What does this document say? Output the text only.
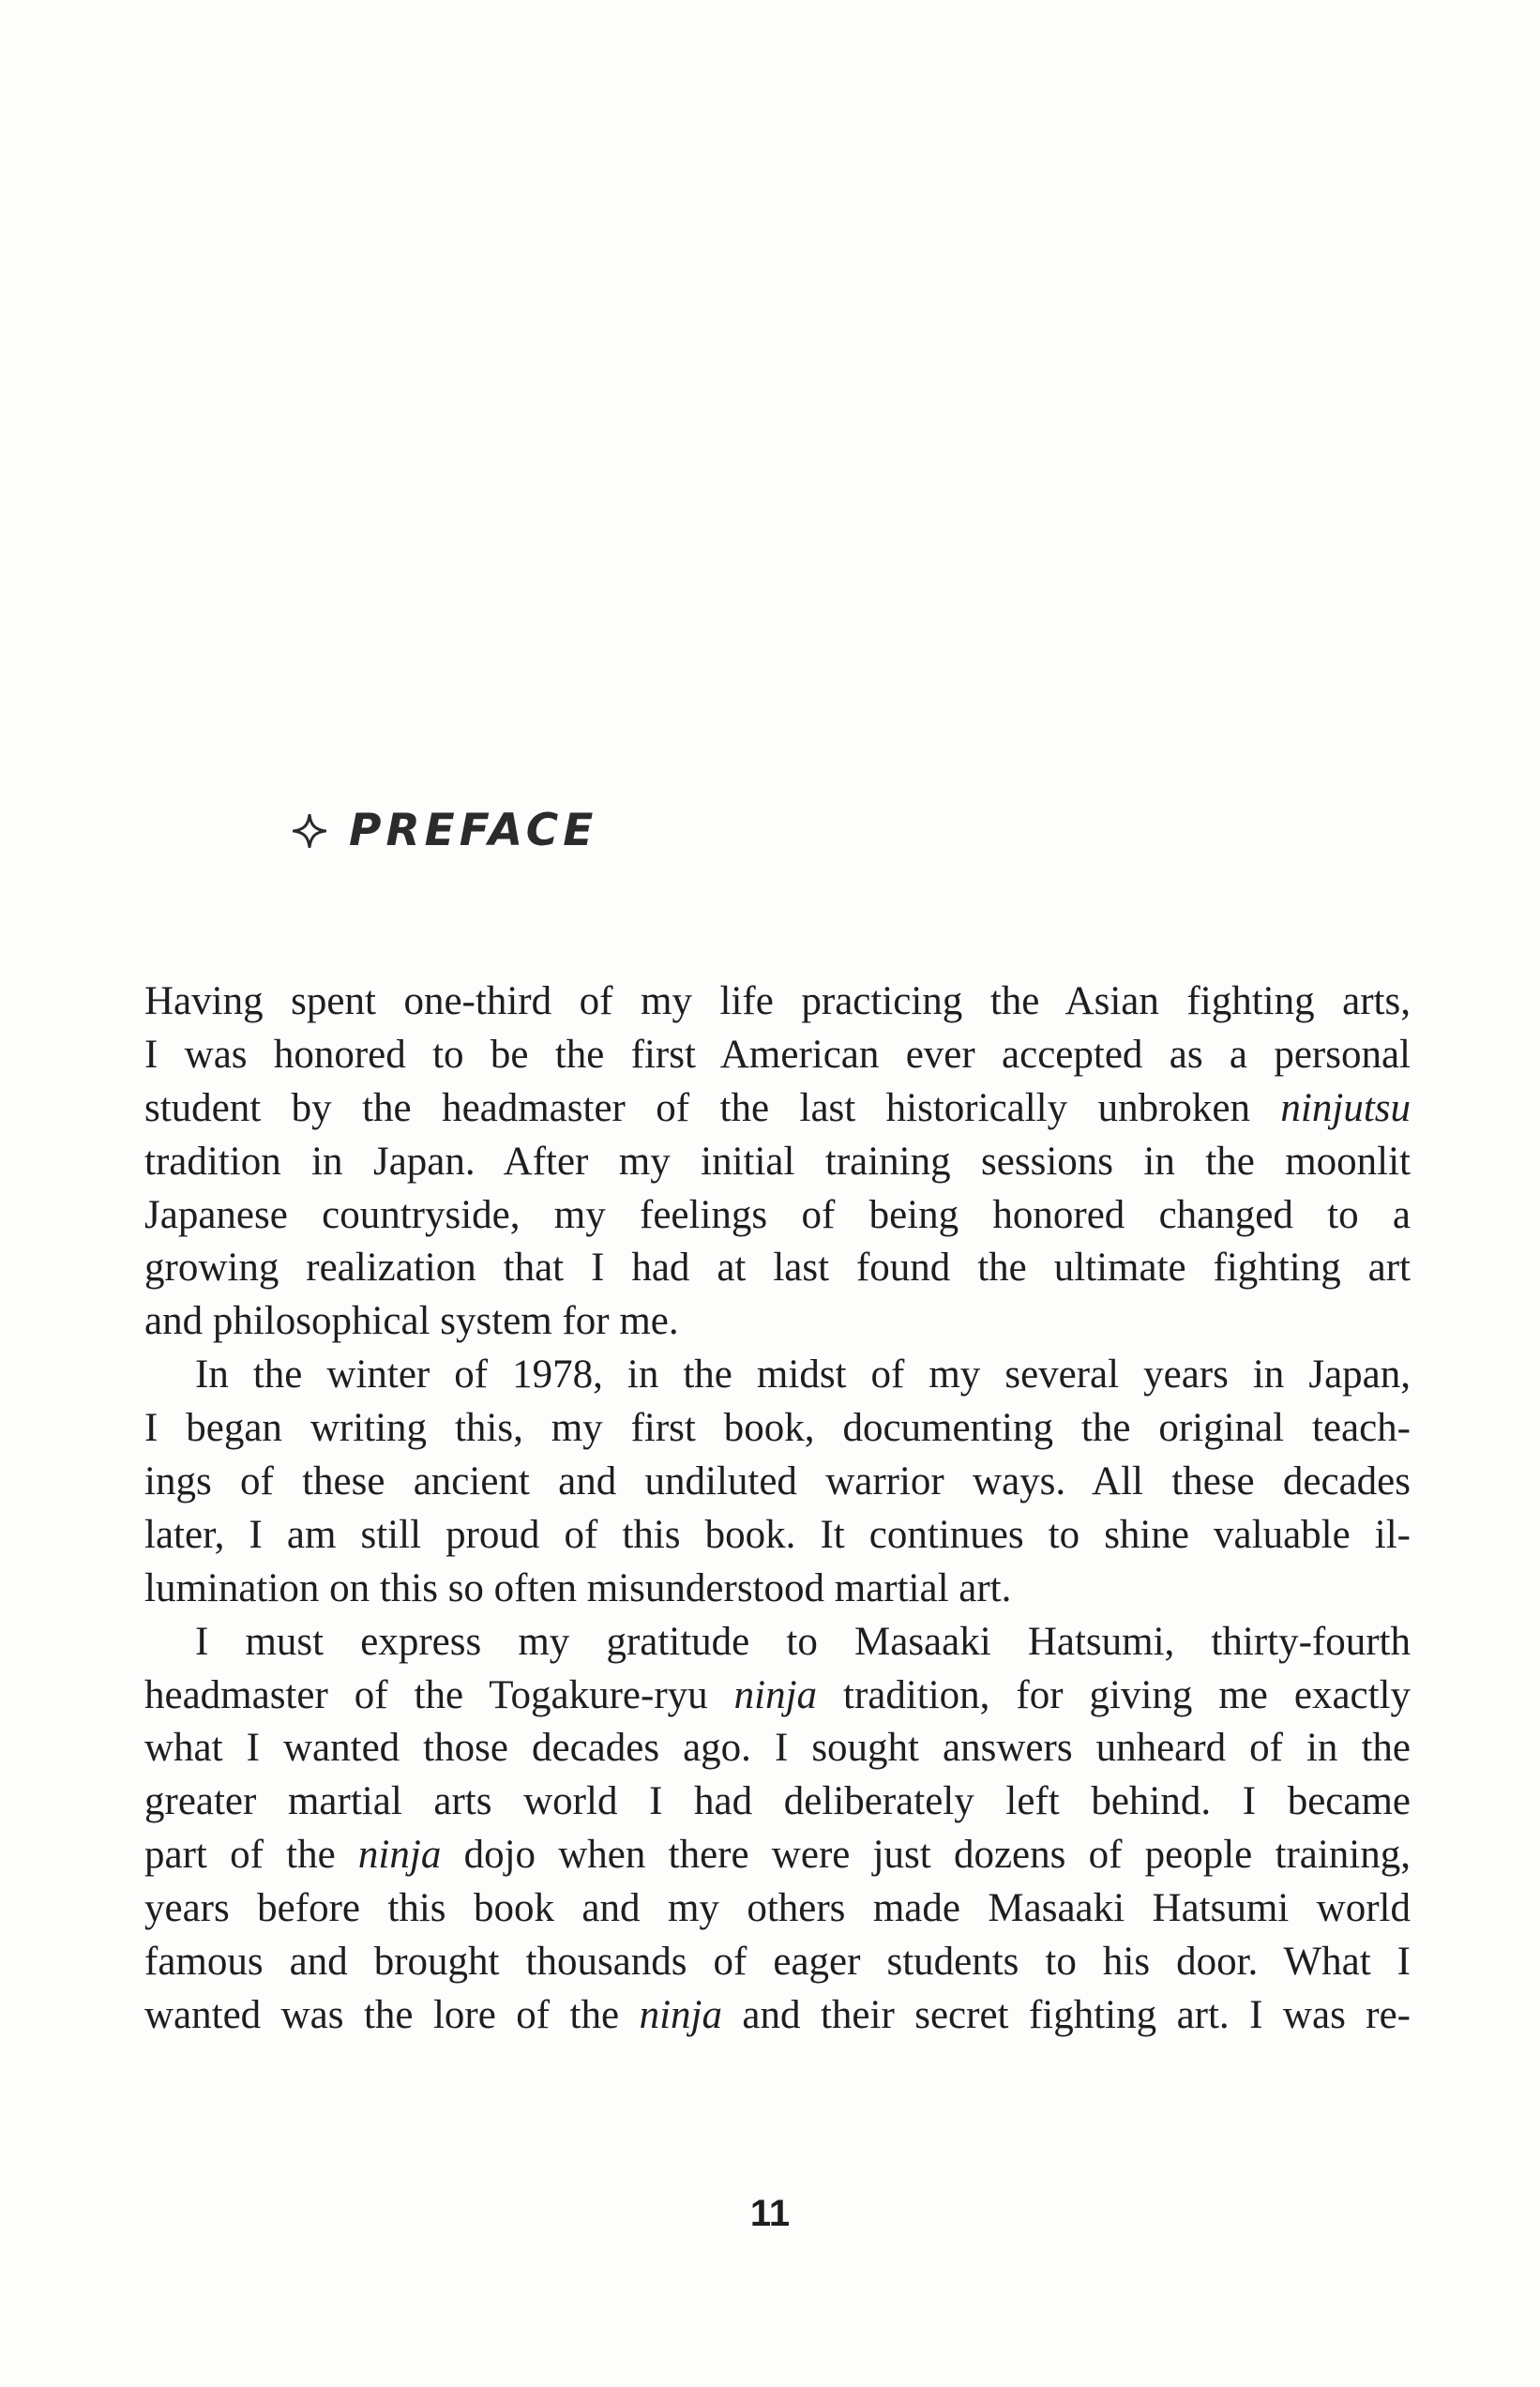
PREFACE
Having spent one-third of my life practicing the Asian fighting arts,
I was honored to be the first American ever accepted as a personal
student by the headmaster of the last historically unbroken ninjutsu
tradition in Japan. After my initial training sessions in the moonlit
Japanese countryside, my feelings of being honored changed to a
growing realization that I had at last found the ultimate fighting art
and philosophical system for me.
In the winter of 1978, in the midst of my several years in Japan,
I began writing this, my first book, documenting the original teach-
ings of these ancient and undiluted warrior ways. All these decades
later, I am still proud of this book. It continues to shine valuable il-
lumination on this so often misunderstood martial art.
I must express my gratitude to Masaaki Hatsumi, thirty-fourth
headmaster of the Togakure-ryu ninja tradition, for giving me exactly
what I wanted those decades ago. I sought answers unheard of in the
greater martial arts world I had deliberately left behind. I became
part of the ninja dojo when there were just dozens of people training,
years before this book and my others made Masaaki Hatsumi world
famous and brought thousands of eager students to his door. What I
wanted was the lore of the ninja and their secret fighting art. I was re-
11
